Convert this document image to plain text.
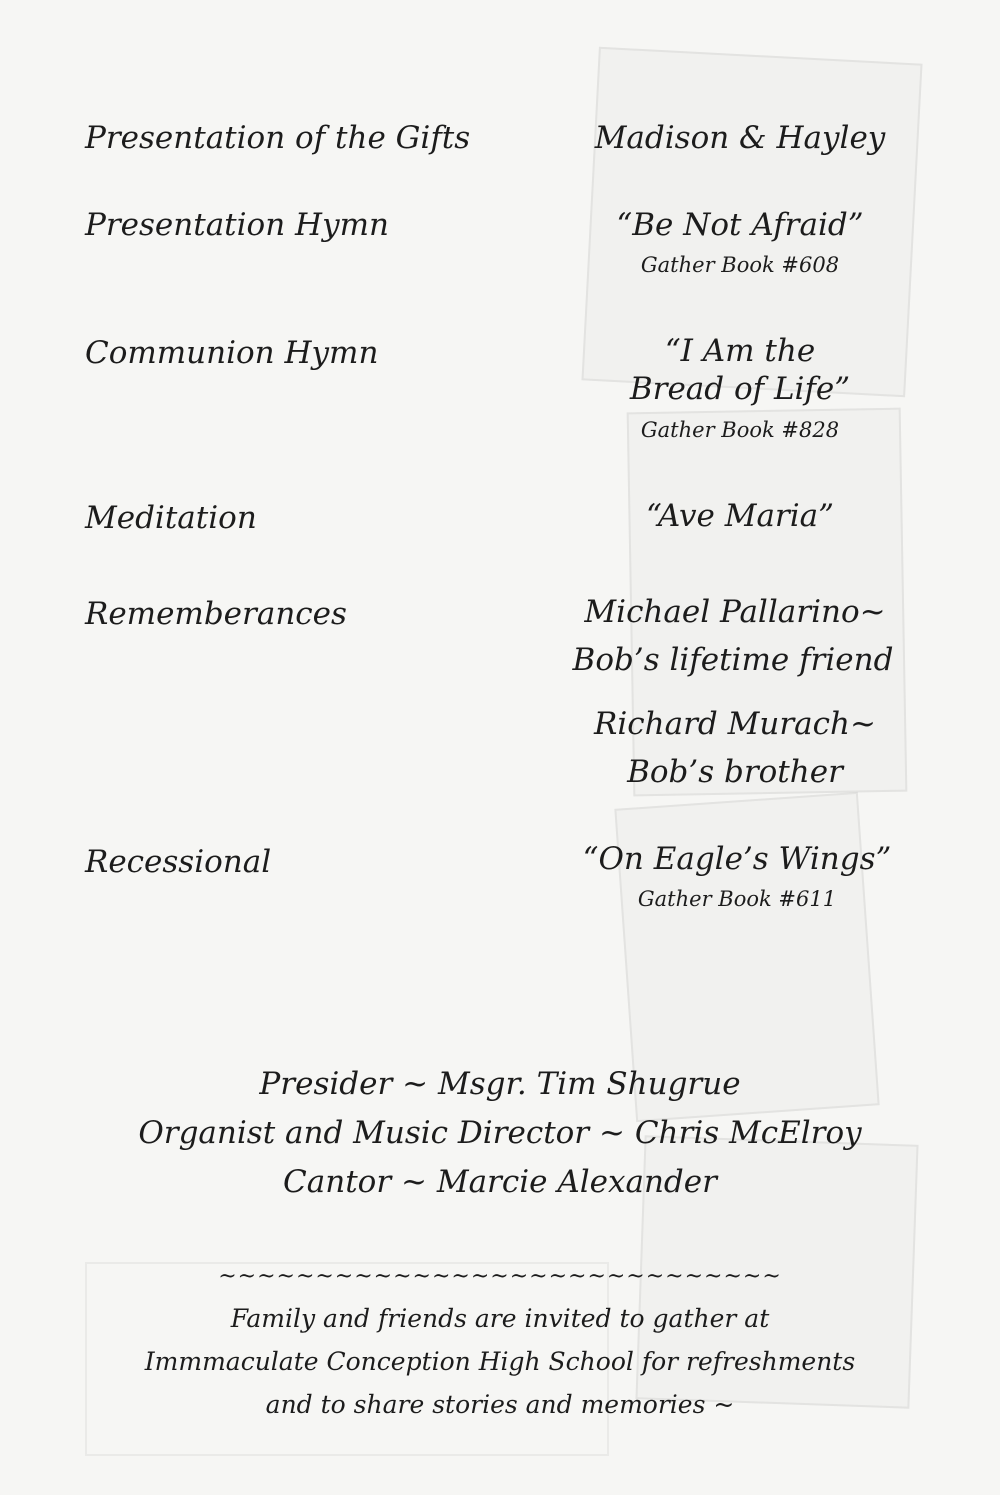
Presentation of the Gifts	Madison & Hayley
Presentation Hymn	“Be Not Afraid”
Gather Book #608
Communion Hymn	“I Am the
Bread of Life”
Gather Book #828
Meditation	“Ave Maria”
Rememberances	Michael Pallarino~
Bob’s lifetime friend
Richard Murach~
Bob’s brother
Recessional	“On Eagle’s Wings”
Gather Book #611
Presider ~ Msgr. Tim Shugrue
Organist and Music Director ~ Chris McElroy
Cantor ~ Marcie Alexander
~~~~~~~~~~~~~~~~~~~~~~~~~~~~~
Family and friends are invited to gather at
Immmaculate Conception High School for refreshments
and to share stories and memories ~
